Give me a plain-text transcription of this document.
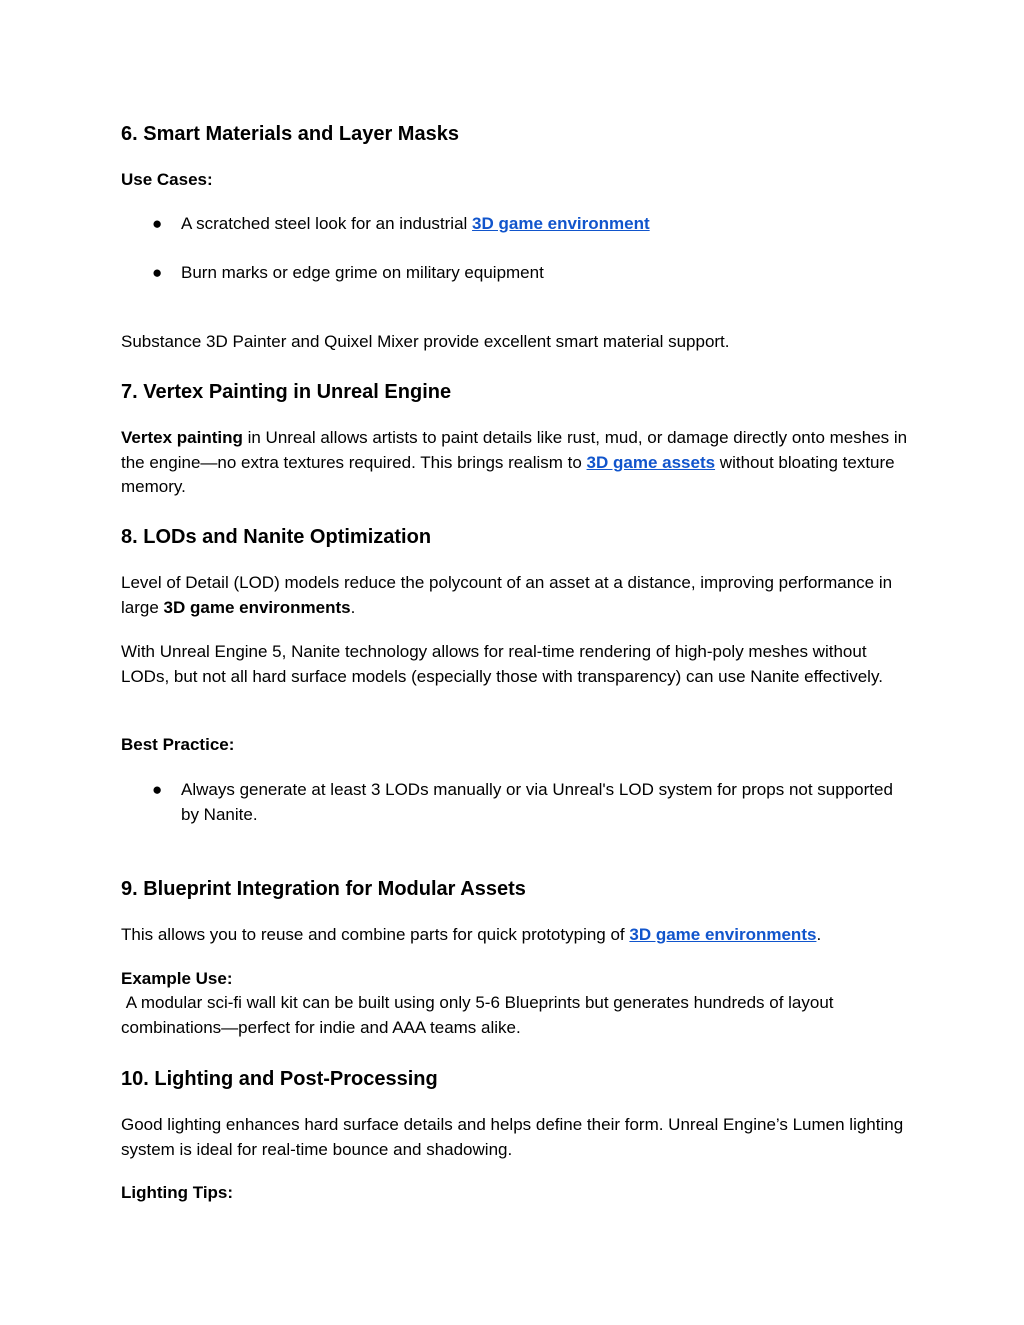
6. Smart Materials and Layer Masks
Use Cases:
● A scratched steel look for an industrial 3D game environment

● Burn marks or edge grime on military equipment

Substance 3D Painter and Quixel Mixer provide excellent smart material support.

7. Vertex Painting in Unreal Engine

Vertex painting in Unreal allows artists to paint details like rust, mud, or damage directly onto meshes in the engine—no extra textures required. This brings realism to 3D game assets without bloating texture memory.

8. LODs and Nanite Optimization

Level of Detail (LOD) models reduce the polycount of an asset at a distance, improving performance in large 3D game environments.

With Unreal Engine 5, Nanite technology allows for real-time rendering of high-poly meshes without LODs, but not all hard surface models (especially those with transparency) can use Nanite effectively.

Best Practice:
● Always generate at least 3 LODs manually or via Unreal's LOD system for props not supported by Nanite.

9. Blueprint Integration for Modular Assets

This allows you to reuse and combine parts for quick prototyping of 3D game environments.

Example Use:

A modular sci-fi wall kit can be built using only 5-6 Blueprints but generates hundreds of layout combinations—perfect for indie and AAA teams alike.

10. Lighting and Post-Processing

Good lighting enhances hard surface details and helps define their form. Unreal Engine’s Lumen lighting system is ideal for real-time bounce and shadowing.

Lighting Tips:
